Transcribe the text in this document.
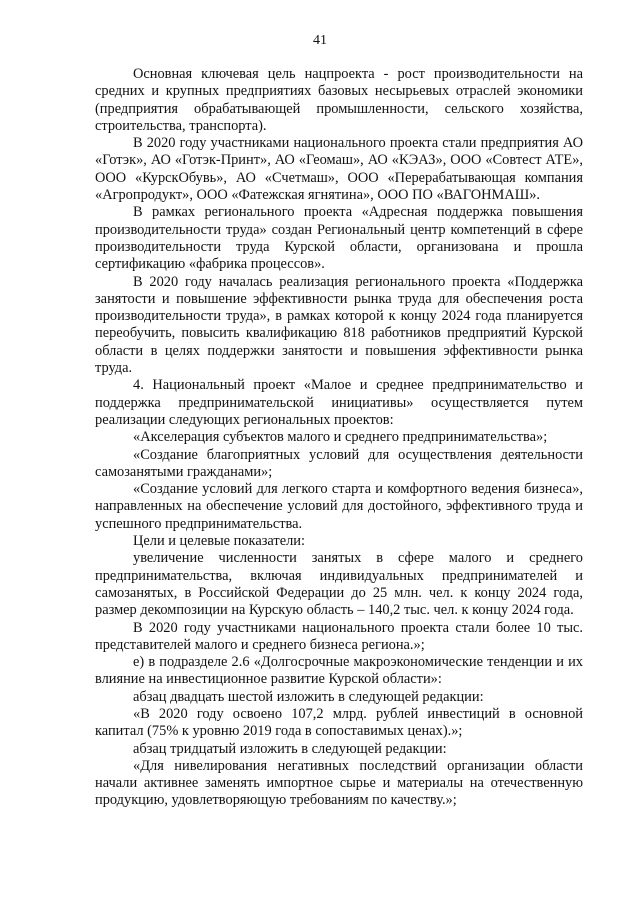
41

Основная ключевая цель нацпроекта - рост производительности на средних и крупных предприятиях базовых несырьевых отраслей экономики (предприятия обрабатывающей промышленности, сельского хозяйства, строительства, транспорта).

В 2020 году участниками национального проекта стали предприятия АО «Готэк», АО «Готэк-Принт», АО «Геомаш», АО «КЭАЗ», ООО «Совтест АТЕ», ООО «КурскОбувь», АО «Счетмаш», ООО «Перерабатывающая компания «Агропродукт», ООО «Фатежская ягнятина», ООО ПО «ВАГОНМАШ».

В рамках регионального проекта «Адресная поддержка повышения производительности труда» создан Региональный центр компетенций в сфере производительности труда Курской области, организована и прошла сертификацию «фабрика процессов».

В 2020 году началась реализация регионального проекта «Поддержка занятости и повышение эффективности рынка труда для обеспечения роста производительности труда», в рамках которой к концу 2024 года планируется переобучить, повысить квалификацию 818 работников предприятий Курской области в целях поддержки занятости и повышения эффективности рынка труда.

4. Национальный проект «Малое и среднее предпринимательство и поддержка предпринимательской инициативы» осуществляется путем реализации следующих региональных проектов:

«Акселерация субъектов малого и среднего предпринимательства»;

«Создание благоприятных условий для осуществления деятельности самозанятыми гражданами»;

«Создание условий для легкого старта и комфортного ведения бизнеса», направленных на обеспечение условий для достойного, эффективного труда и успешного предпринимательства.

Цели и целевые показатели:

увеличение численности занятых в сфере малого и среднего предпринимательства, включая индивидуальных предпринимателей и самозанятых, в Российской Федерации до 25 млн. чел. к концу 2024 года, размер декомпозиции на Курскую область – 140,2 тыс. чел. к концу 2024 года.

В 2020 году участниками национального проекта стали более 10 тыс. представителей малого и среднего бизнеса региона.»;

е) в подразделе 2.6 «Долгосрочные макроэкономические тенденции и их влияние на инвестиционное развитие Курской области»:

абзац двадцать шестой изложить в следующей редакции:

«В 2020 году освоено 107,2 млрд. рублей инвестиций в основной капитал (75% к уровню 2019 года в сопоставимых ценах).»;

абзац тридцатый изложить в следующей редакции:

«Для нивелирования негативных последствий организации области начали активнее заменять импортное сырье и материалы на отечественную продукцию, удовлетворяющую требованиям по качеству.»;
